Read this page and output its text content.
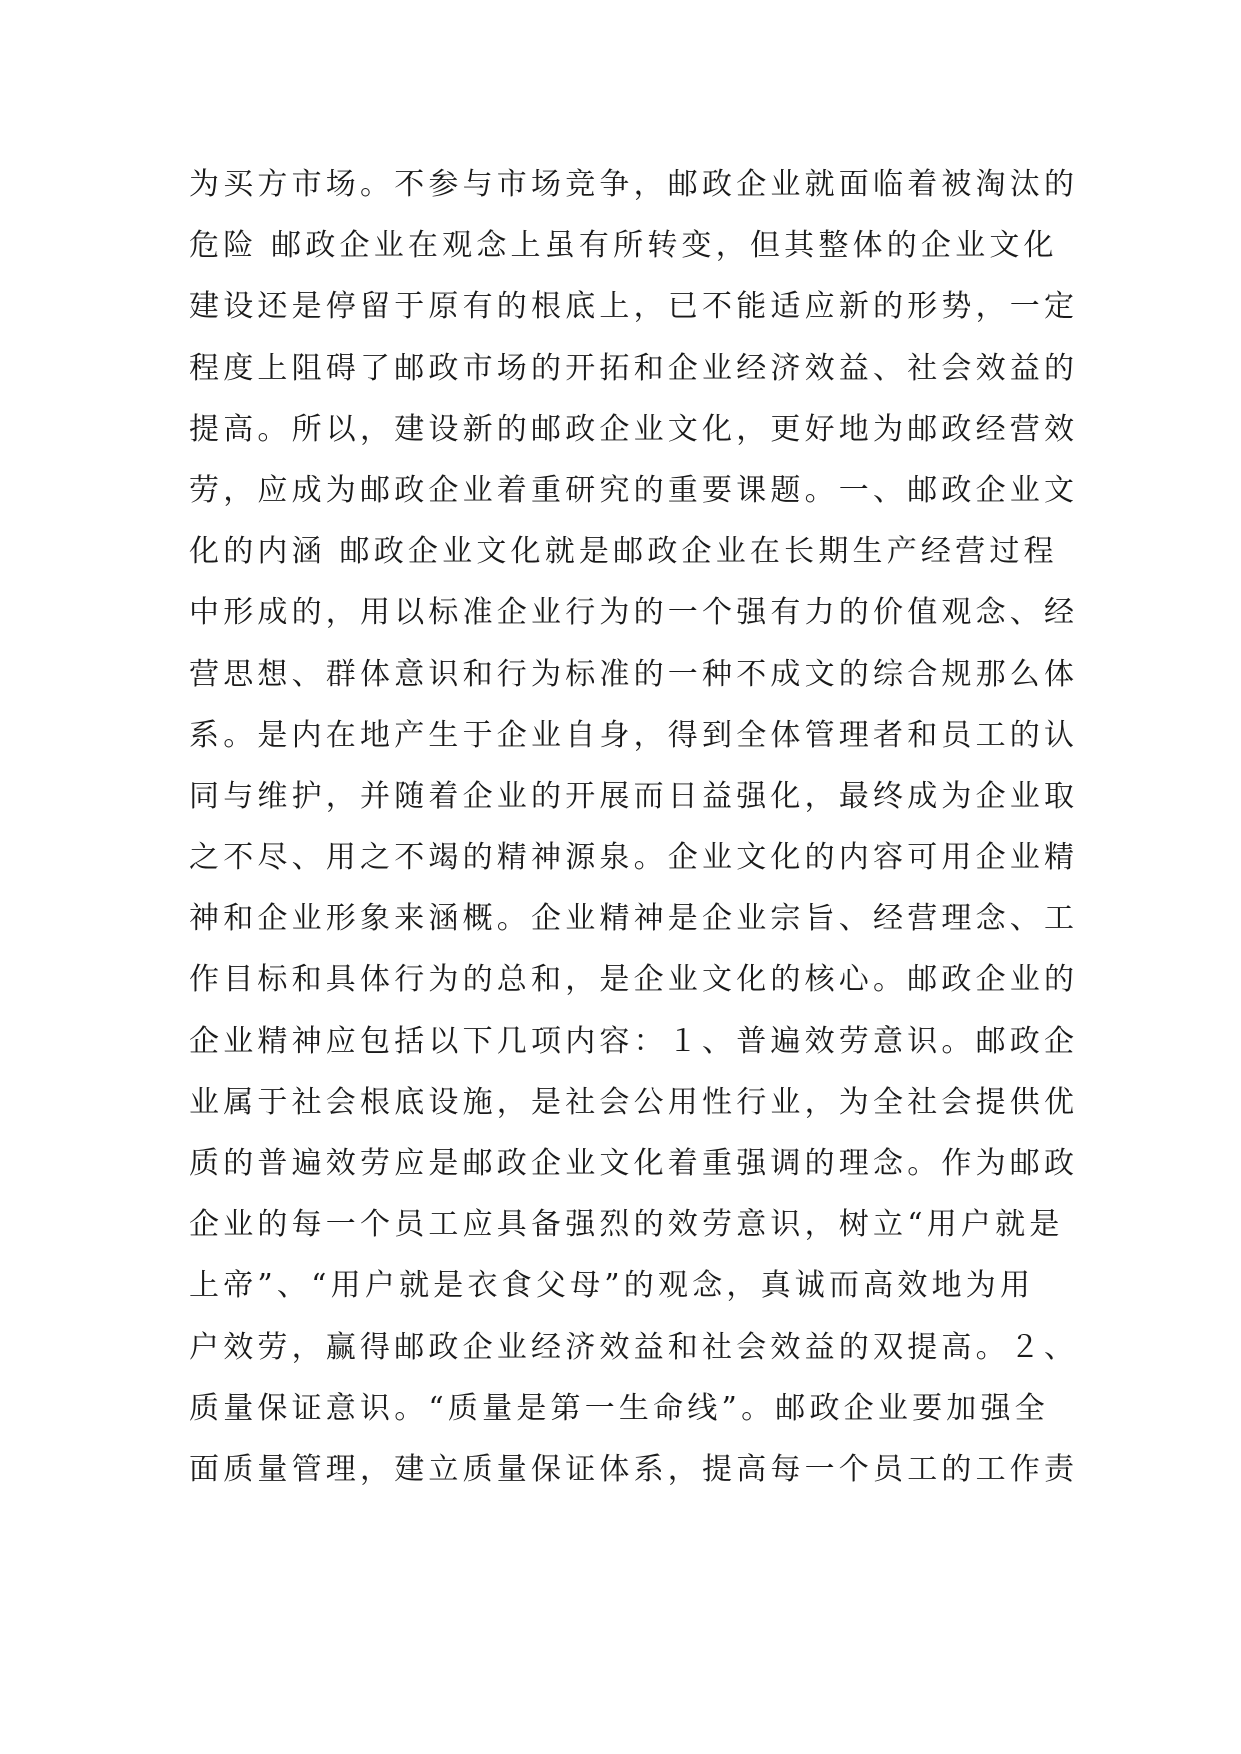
为买方市场。不参与市场竞争，邮政企业就面临着被淘汰的
危险 邮政企业在观念上虽有所转变，但其整体的企业文化
建设还是停留于原有的根底上，已不能适应新的形势，一定
程度上阻碍了邮政市场的开拓和企业经济效益、社会效益的
提高。所以，建设新的邮政企业文化，更好地为邮政经营效
劳，应成为邮政企业着重研究的重要课题。一、邮政企业文
化的内涵 邮政企业文化就是邮政企业在长期生产经营过程
中形成的，用以标准企业行为的一个强有力的价值观念、经
营思想、群体意识和行为标准的一种不成文的综合规那么体
系。是内在地产生于企业自身，得到全体管理者和员工的认
同与维护，并随着企业的开展而日益强化，最终成为企业取
之不尽、用之不竭的精神源泉。企业文化的内容可用企业精
神和企业形象来涵概。企业精神是企业宗旨、经营理念、工
作目标和具体行为的总和，是企业文化的核心。邮政企业的
企业精神应包括以下几项内容：１、普遍效劳意识。邮政企
业属于社会根底设施，是社会公用性行业，为全社会提供优
质的普遍效劳应是邮政企业文化着重强调的理念。作为邮政
企业的每一个员工应具备强烈的效劳意识，树立“用户就是
上帝”、“用户就是衣食父母”的观念，真诚而高效地为用
户效劳，赢得邮政企业经济效益和社会效益的双提高。２、
质量保证意识。“质量是第一生命线”。邮政企业要加强全
面质量管理，建立质量保证体系，提高每一个员工的工作责
